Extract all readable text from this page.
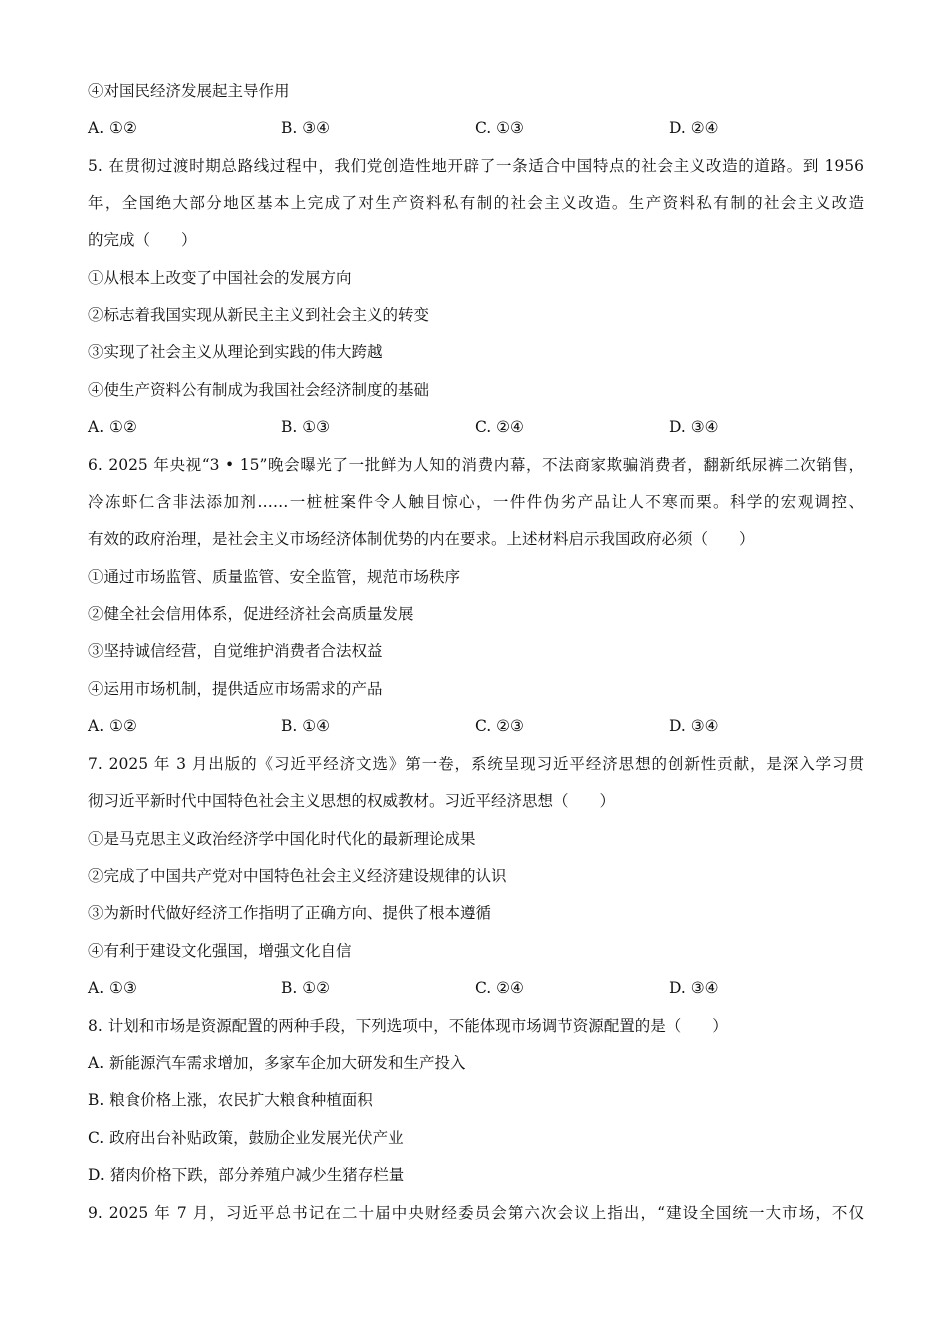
④对国民经济发展起主导作用
A. ①②	B. ③④	C. ①③	D. ②④
5. 在贯彻过渡时期总路线过程中，我们党创造性地开辟了一条适合中国特点的社会主义改造的道路。到 1956
年，全国绝大部分地区基本上完成了对生产资料私有制的社会主义改造。生产资料私有制的社会主义改造
的完成（　　）
①从根本上改变了中国社会的发展方向
②标志着我国实现从新民主主义到社会主义的转变
③实现了社会主义从理论到实践的伟大跨越
④使生产资料公有制成为我国社会经济制度的基础
A. ①②	B. ①③	C. ②④	D. ③④
6. 2025 年央视“3 • 15”晚会曝光了一批鲜为人知的消费内幕，不法商家欺骗消费者，翻新纸尿裤二次销售，
冷冻虾仁含非法添加剂……一桩桩案件令人触目惊心，一件件伪劣产品让人不寒而栗。科学的宏观调控、
有效的政府治理，是社会主义市场经济体制优势的内在要求。上述材料启示我国政府必须（　　）
①通过市场监管、质量监管、安全监管，规范市场秩序
②健全社会信用体系，促进经济社会高质量发展
③坚持诚信经营，自觉维护消费者合法权益
④运用市场机制，提供适应市场需求的产品
A. ①②	B. ①④	C. ②③	D. ③④
7. 2025 年 3 月出版的《习近平经济文选》第一卷，系统呈现习近平经济思想的创新性贡献，是深入学习贯
彻习近平新时代中国特色社会主义思想的权威教材。习近平经济思想（　　）
①是马克思主义政治经济学中国化时代化的最新理论成果
②完成了中国共产党对中国特色社会主义经济建设规律的认识
③为新时代做好经济工作指明了正确方向、提供了根本遵循
④有利于建设文化强国，增强文化自信
A. ①③	B. ①②	C. ②④	D. ③④
8. 计划和市场是资源配置的两种手段，下列选项中，不能体现市场调节资源配置的是（　　）
A. 新能源汽车需求增加，多家车企加大研发和生产投入
B. 粮食价格上涨，农民扩大粮食种植面积
C. 政府出台补贴政策，鼓励企业发展光伏产业
D. 猪肉价格下跌，部分养殖户减少生猪存栏量
9. 2025 年 7 月，习近平总书记在二十届中央财经委员会第六次会议上指出，“建设全国统一大市场，不仅
